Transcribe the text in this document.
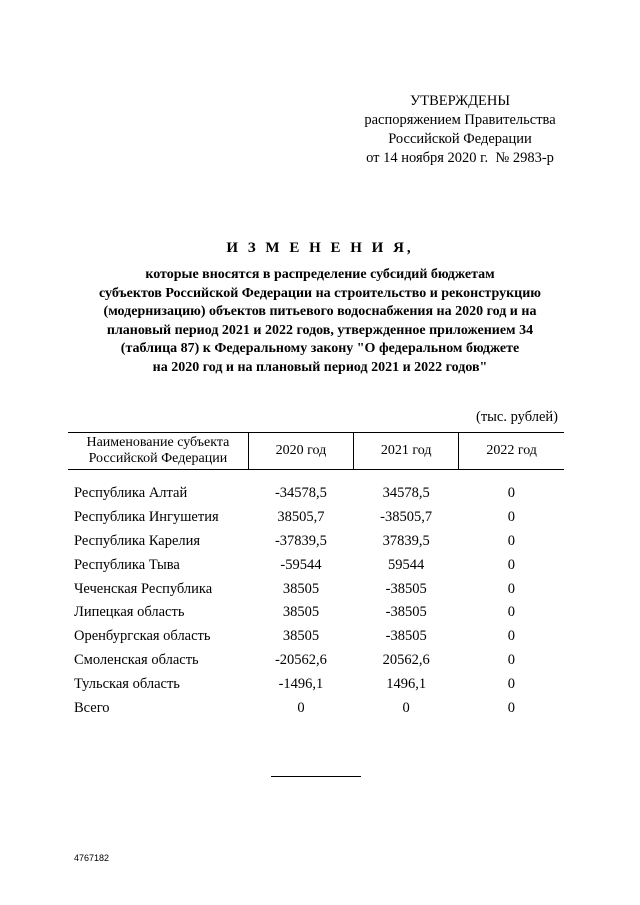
УТВЕРЖДЕНЫ
распоряжением Правительства
Российской Федерации
от 14 ноября 2020 г.  № 2983-р
И З М Е Н Е Н И Я,
которые вносятся в распределение субсидий бюджетам
субъектов Российской Федерации на строительство и реконструкцию
(модернизацию) объектов питьевого водоснабжения на 2020 год и на
плановый период 2021 и 2022 годов, утвержденное приложением 34
(таблица 87) к Федеральному закону "О федеральном бюджете
на 2020 год и на плановый период 2021 и 2022 годов"
(тыс. рублей)
Наименование субъекта
Российской Федерации
	2020 год	2021 год	2022 год
Республика Алтай	-34578,5	34578,5	0
Республика Ингушетия	38505,7	-38505,7	0
Республика Карелия	-37839,5	37839,5	0
Республика Тыва	-59544	59544	0
Чеченская Республика	38505	-38505	0
Липецкая область	38505	-38505	0
Оренбургская область	38505	-38505	0
Смоленская область	-20562,6	20562,6	0
Тульская область	-1496,1	1496,1	0
Всего	0	0	0
4767182
